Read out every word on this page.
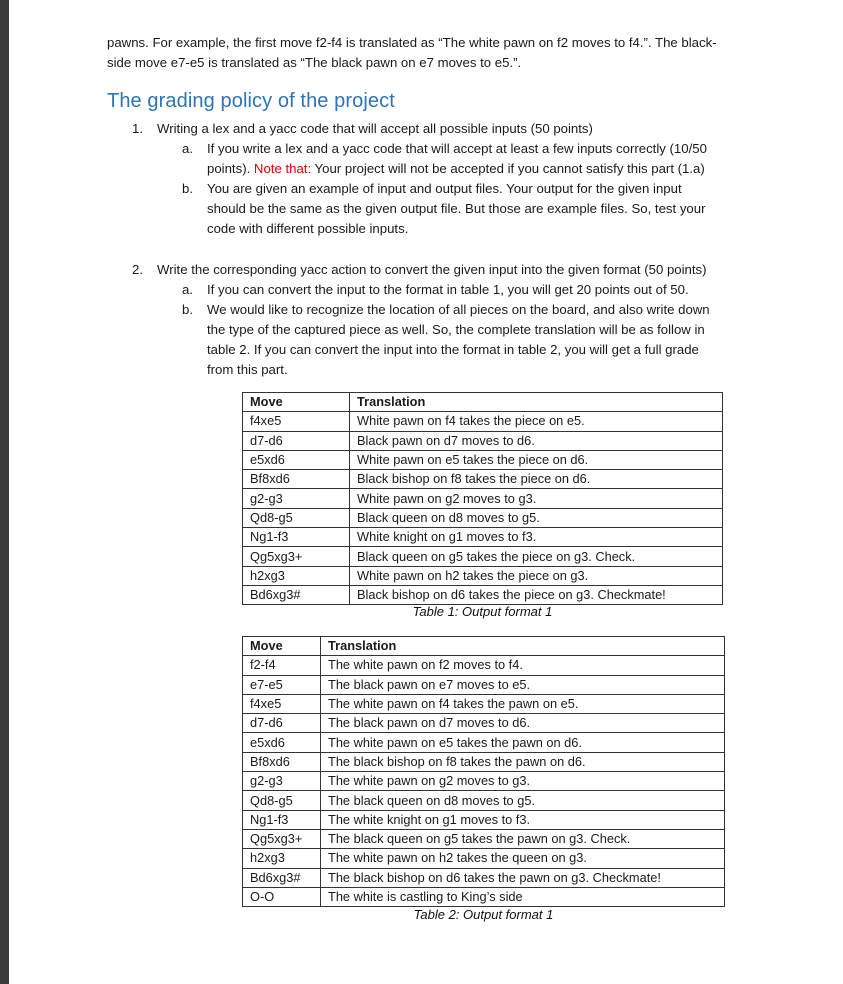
pawns. For example, the first move f2-f4 is translated as “The white pawn on f2 moves to f4.”. The black-
side move e7-e5 is translated as “The black pawn on e7 moves to e5.”.
The grading policy of the project
1. Writing a lex and a yacc code that will accept all possible inputs (50 points)
a. If you write a lex and a yacc code that will accept at least a few inputs correctly (10/50
points). Note that: Your project will not be accepted if you cannot satisfy this part (1.a)
b. You are given an example of input and output files. Your output for the given input
should be the same as the given output file. But those are example files. So, test your
code with different possible inputs.
2. Write the corresponding yacc action to convert the given input into the given format (50 points)
a. If you can convert the input to the format in table 1, you will get 20 points out of 50.
b. We would like to recognize the location of all pieces on the board, and also write down
the type of the captured piece as well. So, the complete translation will be as follow in
table 2. If you can convert the input into the format in table 2, you will get a full grade
from this part.
Move	Translation
f4xe5	White pawn on f4 takes the piece on e5.
d7-d6	Black pawn on d7 moves to d6.
e5xd6	White pawn on e5 takes the piece on d6.
Bf8xd6	Black bishop on f8 takes the piece on d6.
g2-g3	White pawn on g2 moves to g3.
Qd8-g5	Black queen on d8 moves to g5.
Ng1-f3	White knight on g1 moves to f3.
Qg5xg3+	Black queen on g5 takes the piece on g3. Check.
h2xg3	White pawn on h2 takes the piece on g3.
Bd6xg3#	Black bishop on d6 takes the piece on g3. Checkmate!
Table 1: Output format 1
Move	Translation
f2-f4	The white pawn on f2 moves to f4.
e7-e5	The black pawn on e7 moves to e5.
f4xe5	The white pawn on f4 takes the pawn on e5.
d7-d6	The black pawn on d7 moves to d6.
e5xd6	The white pawn on e5 takes the pawn on d6.
Bf8xd6	The black bishop on f8 takes the pawn on d6.
g2-g3	The white pawn on g2 moves to g3.
Qd8-g5	The black queen on d8 moves to g5.
Ng1-f3	The white knight on g1 moves to f3.
Qg5xg3+	The black queen on g5 takes the pawn on g3. Check.
h2xg3	The white pawn on h2 takes the queen on g3.
Bd6xg3#	The black bishop on d6 takes the pawn on g3. Checkmate!
O-O	The white is castling to King’s side
Table 2: Output format 1
